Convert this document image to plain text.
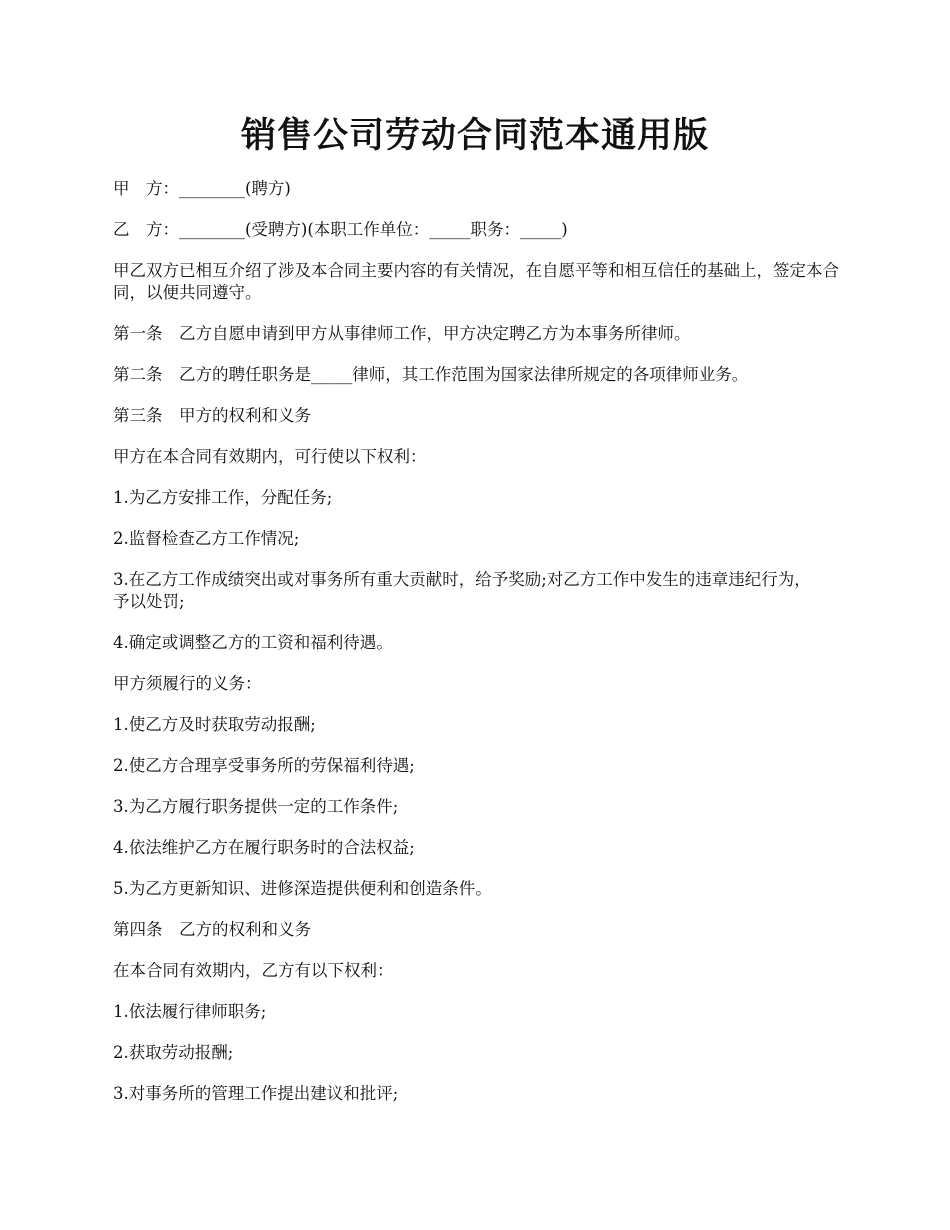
销售公司劳动合同范本通用版

甲　方：________(聘方)

乙　方：________(受聘方)(本职工作单位：_____职务：_____)

甲乙双方已相互介绍了涉及本合同主要内容的有关情况，在自愿平等和相互信任的基础上，签定本合同，以便共同遵守。

第一条　乙方自愿申请到甲方从事律师工作，甲方决定聘乙方为本事务所律师。

第二条　乙方的聘任职务是_____律师，其工作范围为国家法律所规定的各项律师业务。

第三条　甲方的权利和义务

甲方在本合同有效期内，可行使以下权利：

1.为乙方安排工作，分配任务;

2.监督检查乙方工作情况;

3.在乙方工作成绩突出或对事务所有重大贡献时，给予奖励;对乙方工作中发生的违章违纪行为，予以处罚;

4.确定或调整乙方的工资和福利待遇。

甲方须履行的义务：

1.使乙方及时获取劳动报酬;

2.使乙方合理享受事务所的劳保福利待遇;

3.为乙方履行职务提供一定的工作条件;

4.依法维护乙方在履行职务时的合法权益;

5.为乙方更新知识、进修深造提供便利和创造条件。

第四条　乙方的权利和义务

在本合同有效期内，乙方有以下权利：

1.依法履行律师职务;

2.获取劳动报酬;

3.对事务所的管理工作提出建议和批评;
